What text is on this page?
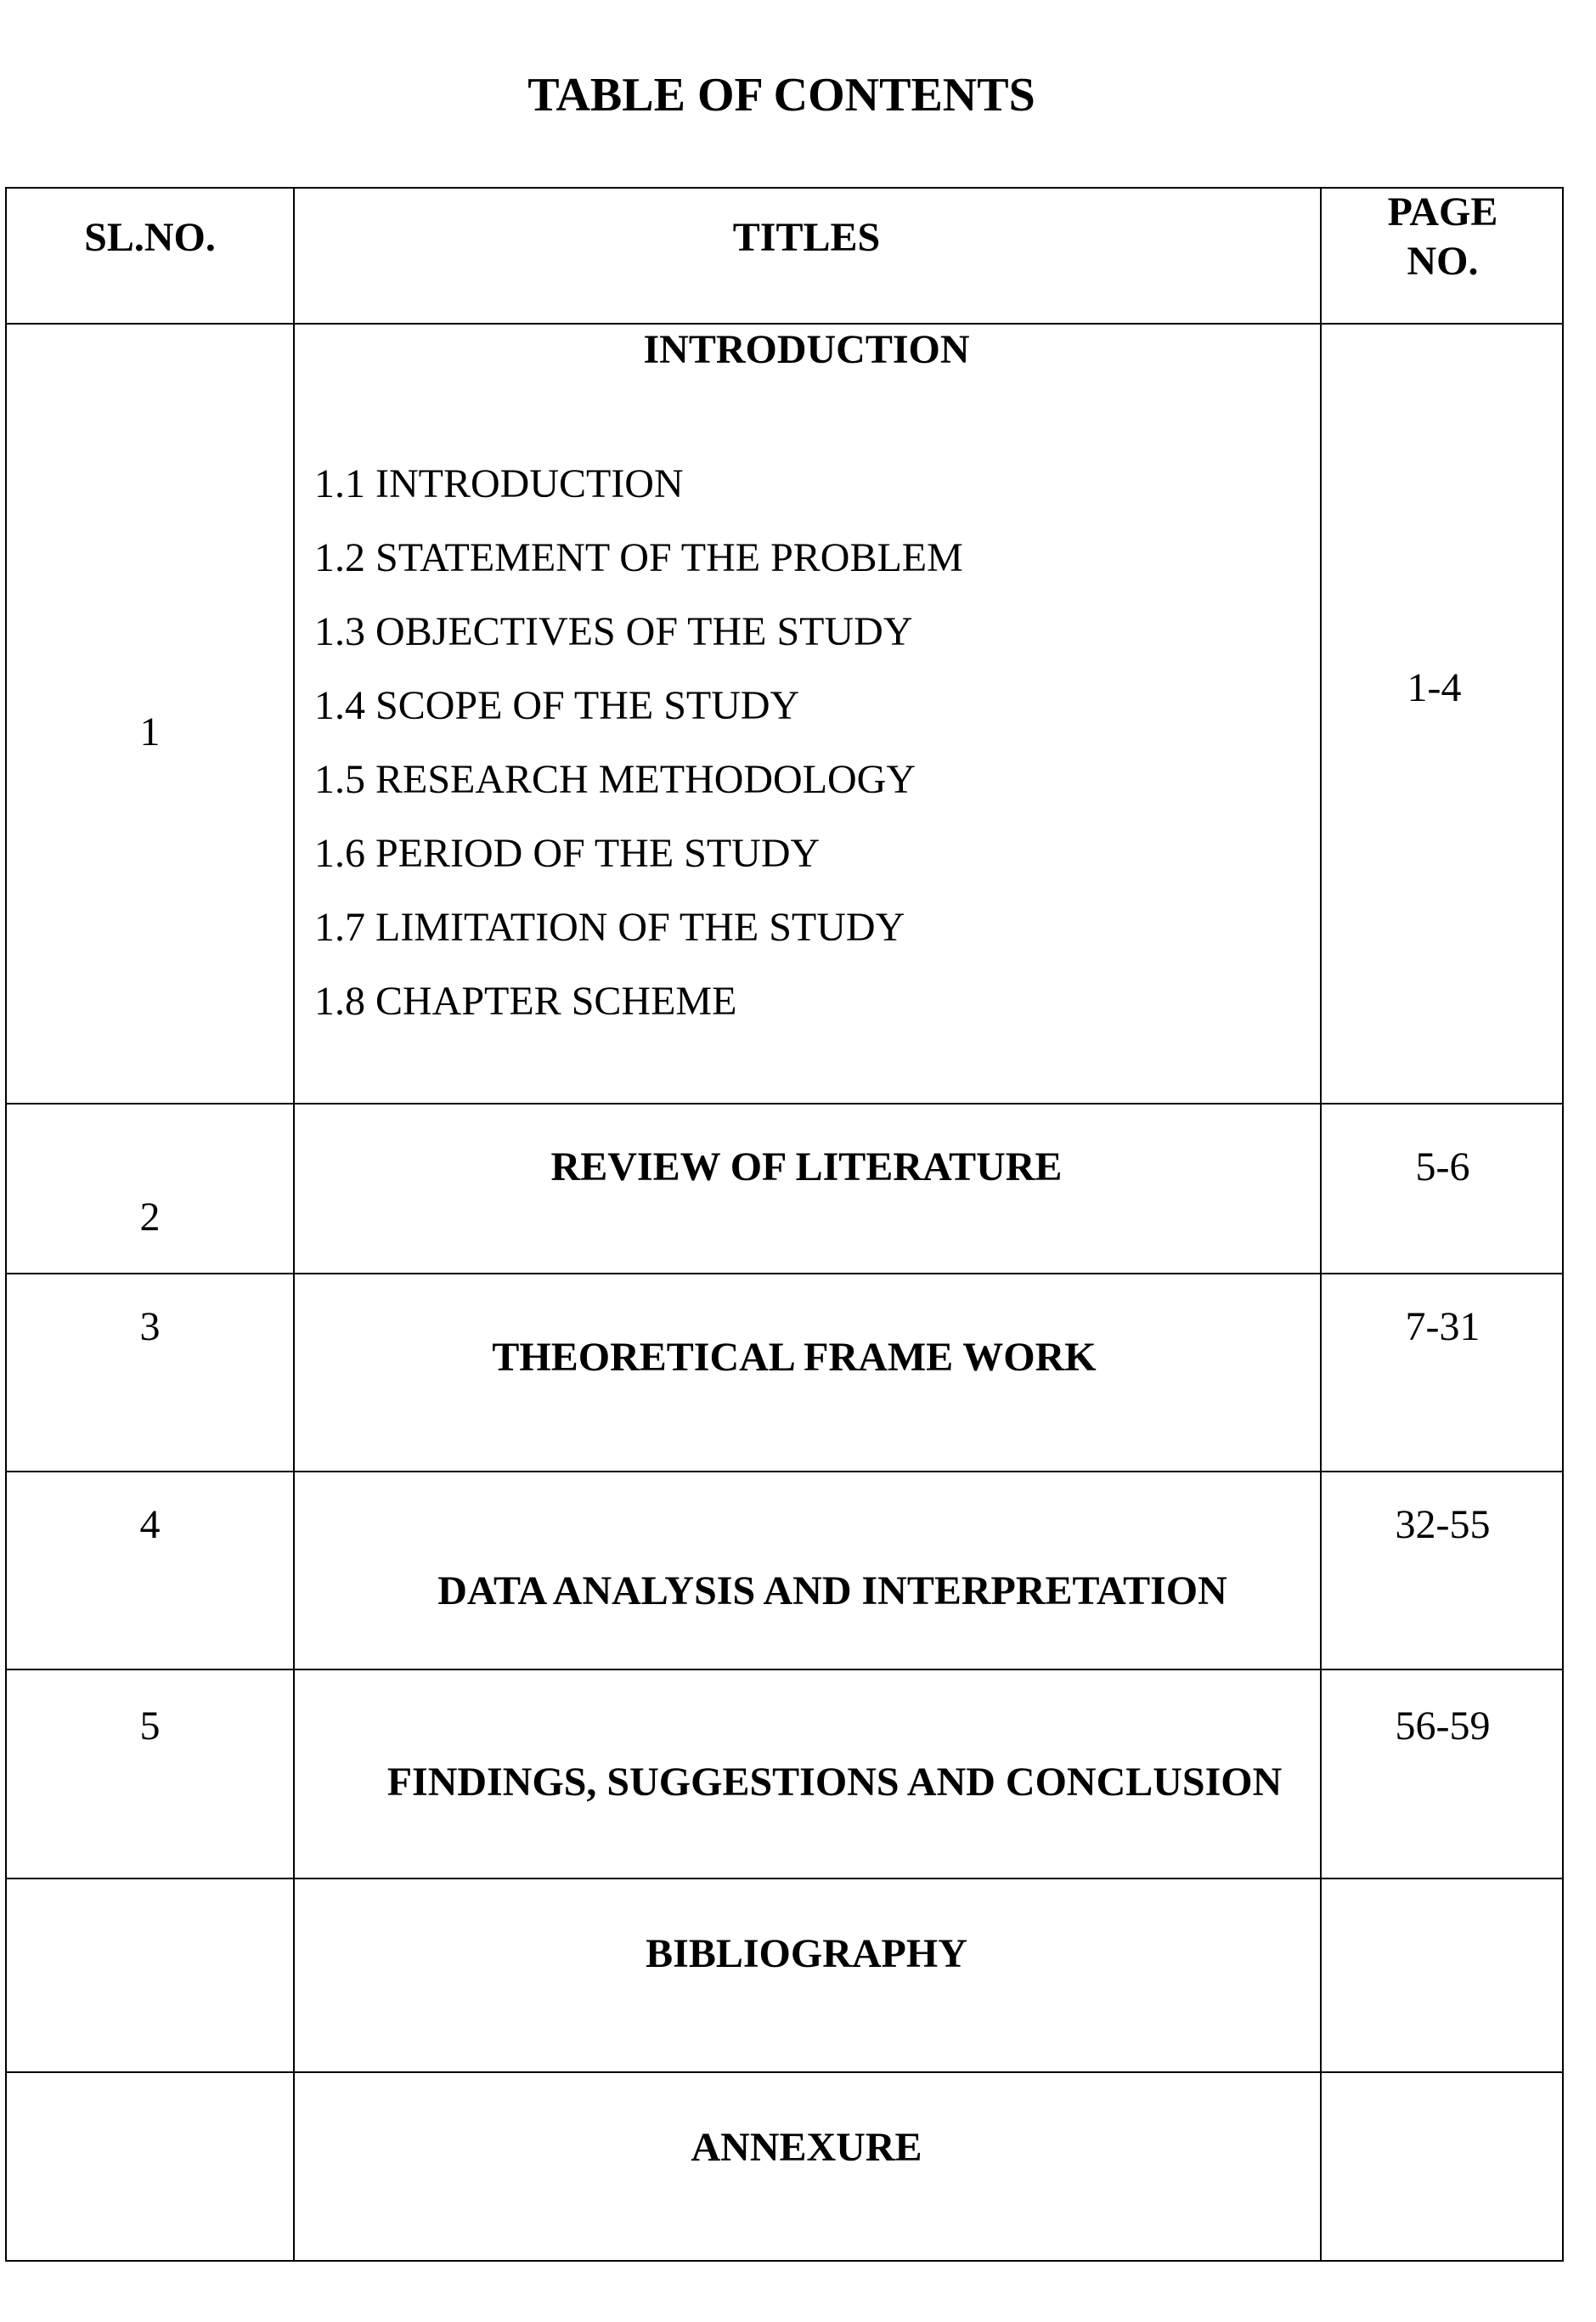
TABLE OF CONTENTS
SL.NO.	TITLES
PAGE
NO.
1
INTRODUCTION
1.1 INTRODUCTION
1.2 STATEMENT OF THE PROBLEM
1.3 OBJECTIVES OF THE STUDY
1.4 SCOPE OF THE STUDY
1.5 RESEARCH METHODOLOGY
1.6 PERIOD OF THE STUDY
1.7 LIMITATION OF THE STUDY
1.8 CHAPTER SCHEME
1-4
2
REVIEW OF LITERATURE	5-6
3
THEORETICAL FRAME WORK
7-31
4
DATA ANALYSIS AND INTERPRETATION
32-55
5
FINDINGS, SUGGESTIONS AND CONCLUSION
56-59
BIBLIOGRAPHY
ANNEXURE
